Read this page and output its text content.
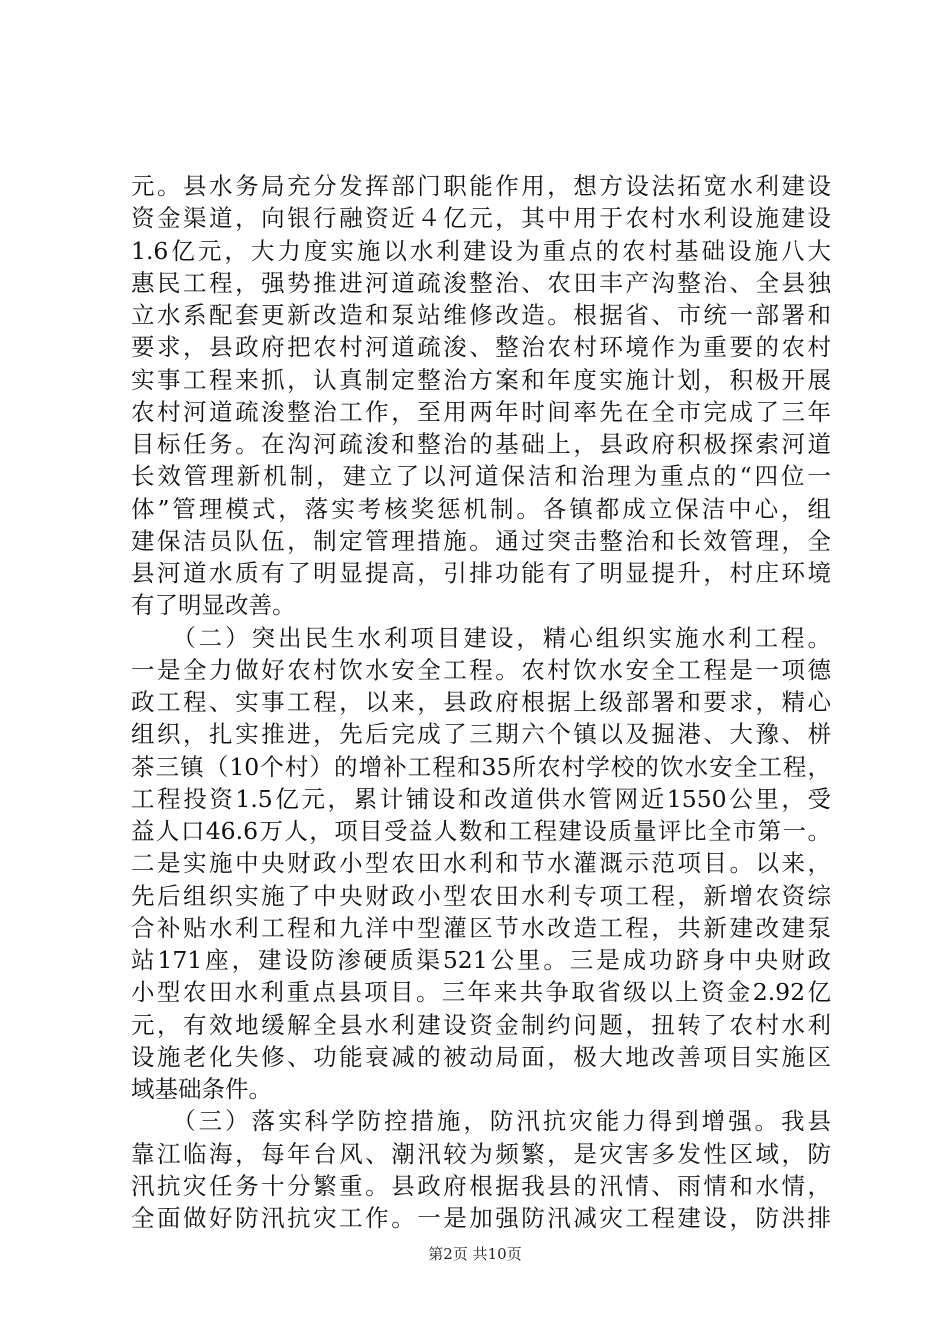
元。县水务局充分发挥部门职能作用，想方设法拓宽水利建设
资金渠道，向银行融资近４亿元，其中用于农村水利设施建设
1.6亿元，大力度实施以水利建设为重点的农村基础设施八大
惠民工程，强势推进河道疏浚整治、农田丰产沟整治、全县独
立水系配套更新改造和泵站维修改造。根据省、市统一部署和
要求，县政府把农村河道疏浚、整治农村环境作为重要的农村
实事工程来抓，认真制定整治方案和年度实施计划，积极开展
农村河道疏浚整治工作，至用两年时间率先在全市完成了三年
目标任务。在沟河疏浚和整治的基础上，县政府积极探索河道
长效管理新机制，建立了以河道保洁和治理为重点的“四位一
体”管理模式，落实考核奖惩机制。各镇都成立保洁中心，组
建保洁员队伍，制定管理措施。通过突击整治和长效管理，全
县河道水质有了明显提高，引排功能有了明显提升，村庄环境
有了明显改善。
　　（二）突出民生水利项目建设，精心组织实施水利工程。
一是全力做好农村饮水安全工程。农村饮水安全工程是一项德
政工程、实事工程，以来，县政府根据上级部署和要求，精心
组织，扎实推进，先后完成了三期六个镇以及掘港、大豫、栟
茶三镇（10个村）的增补工程和35所农村学校的饮水安全工程，
工程投资1.5亿元，累计铺设和改道供水管网近1550公里，受
益人口46.6万人，项目受益人数和工程建设质量评比全市第一。
二是实施中央财政小型农田水利和节水灌溉示范项目。以来，
先后组织实施了中央财政小型农田水利专项工程，新增农资综
合补贴水利工程和九洋中型灌区节水改造工程，共新建改建泵
站171座，建设防渗硬质渠521公里。三是成功跻身中央财政
小型农田水利重点县项目。三年来共争取省级以上资金2.92亿
元，有效地缓解全县水利建设资金制约问题，扭转了农村水利
设施老化失修、功能衰减的被动局面，极大地改善项目实施区
域基础条件。
　　（三）落实科学防控措施，防汛抗灾能力得到增强。我县
靠江临海，每年台风、潮汛较为频繁，是灾害多发性区域，防
汛抗灾任务十分繁重。县政府根据我县的汛情、雨情和水情，
全面做好防汛抗灾工作。一是加强防汛减灾工程建设，防洪排
第2页 共10页
